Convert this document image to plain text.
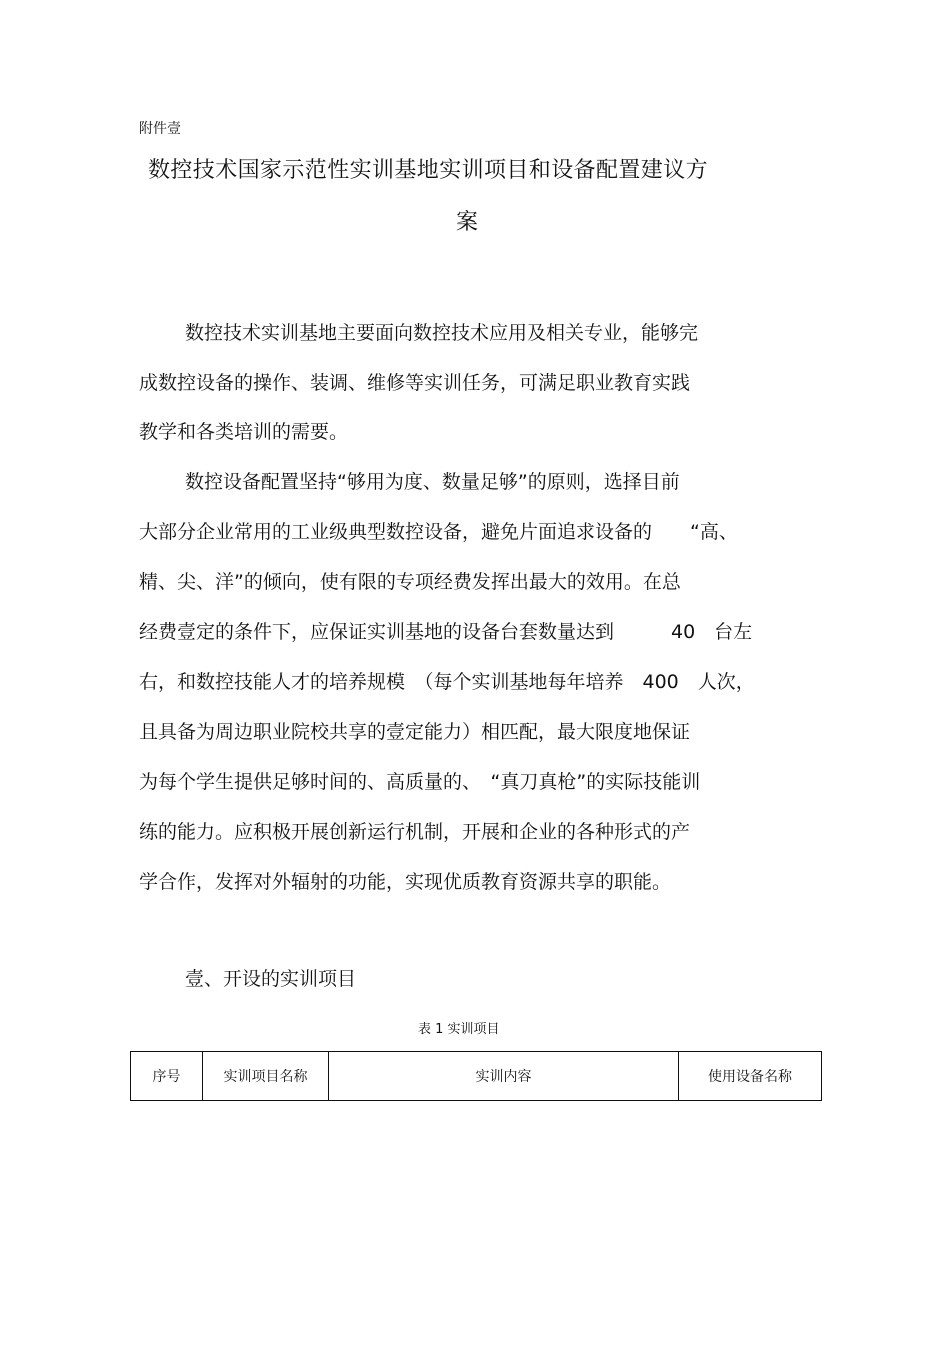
附件壹
数控技术国家示范性实训基地实训项目和设备配置建议方
案
数控技术实训基地主要面向数控技术应用及相关专业，能够完
成数控设备的操作、装调、维修等实训任务，可满足职业教育实践
教学和各类培训的需要。
数控设备配置坚持“够用为度、数量足够”的原则，选择目前
大部分企业常用的工业级典型数控设备，避免片面追求设备的　　“高、
精、尖、洋”的倾向，使有限的专项经费发挥出最大的效用。在总
经费壹定的条件下，应保证实训基地的设备台套数量达到　　　40　台左
右，和数控技能人才的培养规模　（每个实训基地每年培养　400　人次，
且具备为周边职业院校共享的壹定能力）相匹配，最大限度地保证
为每个学生提供足够时间的、高质量的、　“真刀真枪”的实际技能训
练的能力。应积极开展创新运行机制，开展和企业的各种形式的产
学合作，发挥对外辐射的功能，实现优质教育资源共享的职能。
壹、开设的实训项目
表 1 实训项目
序号	实训项目名称	实训内容	使用设备名称
